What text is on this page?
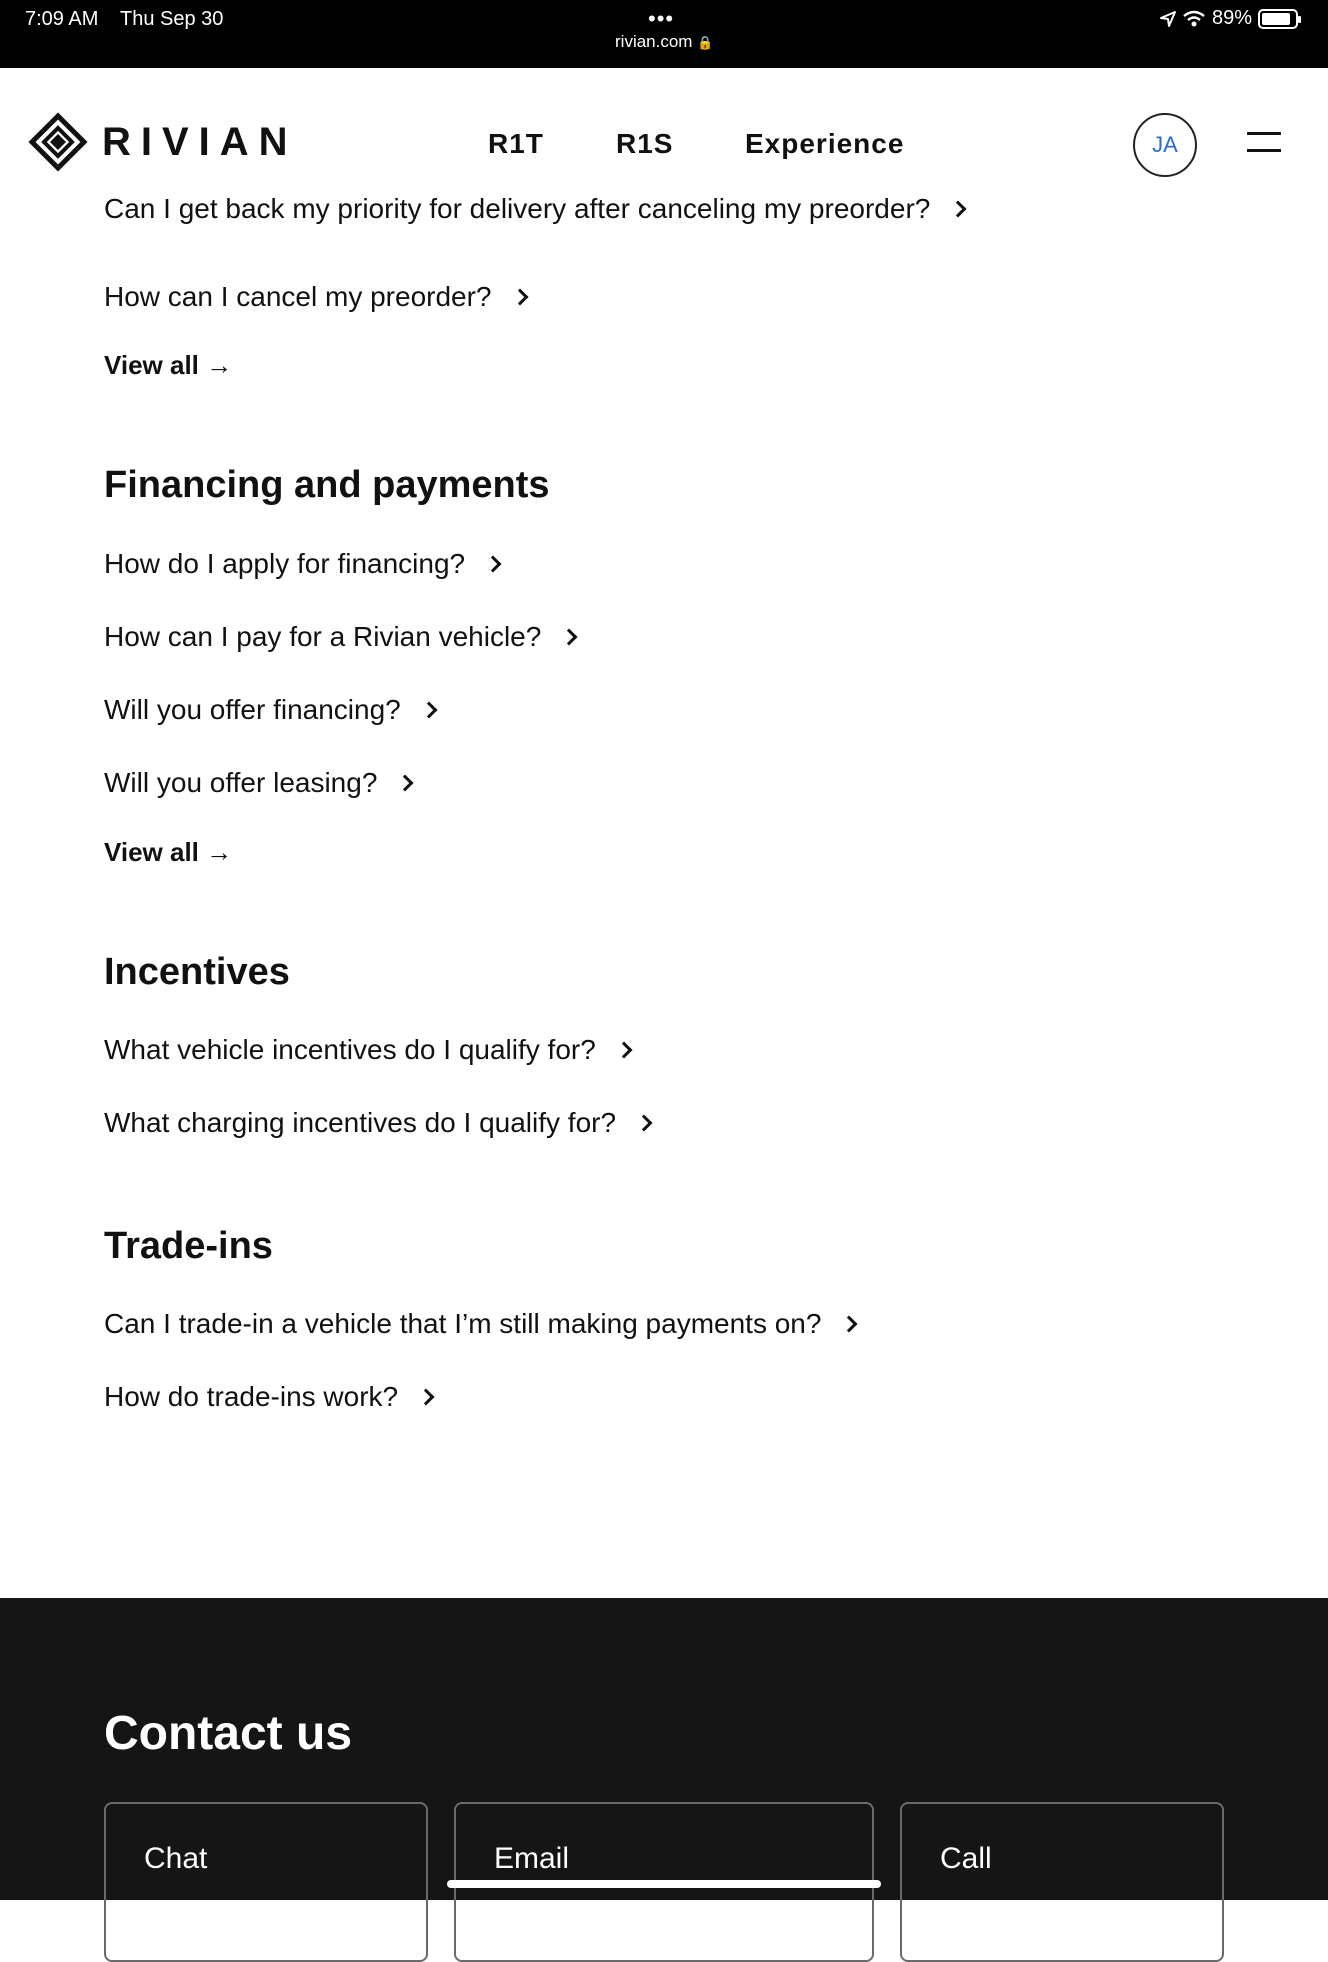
7:09 AM Thu Sep 30	•••
rivian.com 🔒
89%
RIVIAN	R1T	R1S	Experience	JA
Can I get back my priority for delivery after canceling my preorder?
How can I cancel my preorder?
View all →
Financing and payments
How do I apply for financing?
How can I pay for a Rivian vehicle?
Will you offer financing?
Will you offer leasing?
View all →
Incentives
What vehicle incentives do I qualify for?
What charging incentives do I qualify for?
Trade-ins
Can I trade-in a vehicle that I’m still making payments on?
How do trade-ins work?
Contact us
Chat	Email	Call
